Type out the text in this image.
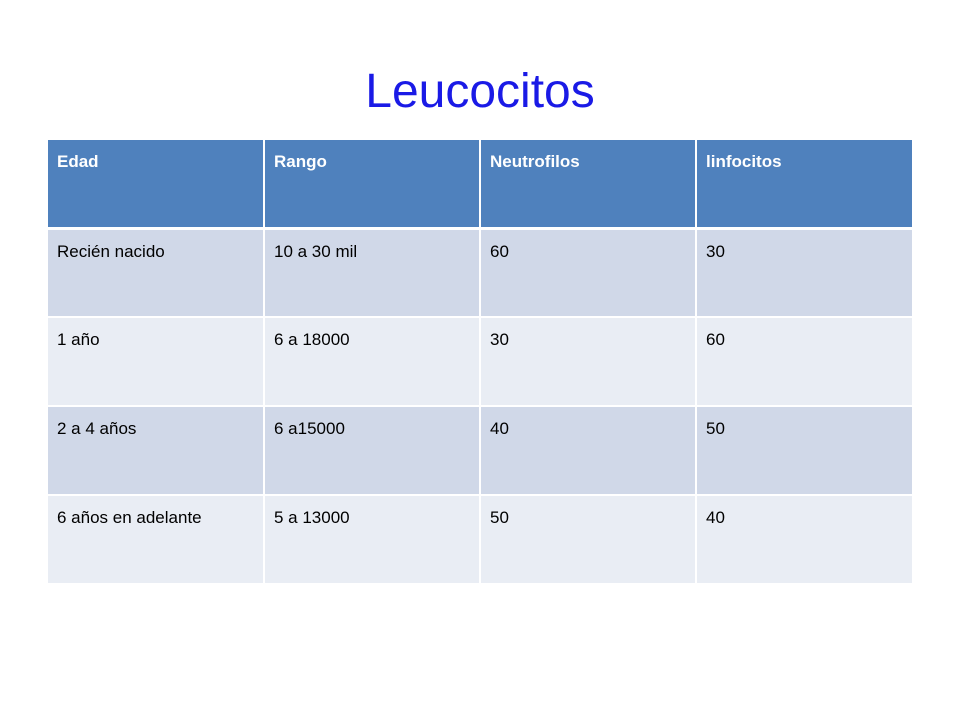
Leucocitos
Edad	Rango	Neutrofilos	linfocitos
Recién nacido	10 a 30 mil	60	30
1 año	6 a 18000	30	60
2 a 4 años	6 a15000	40	50
6 años en adelante	5 a 13000	50	40
